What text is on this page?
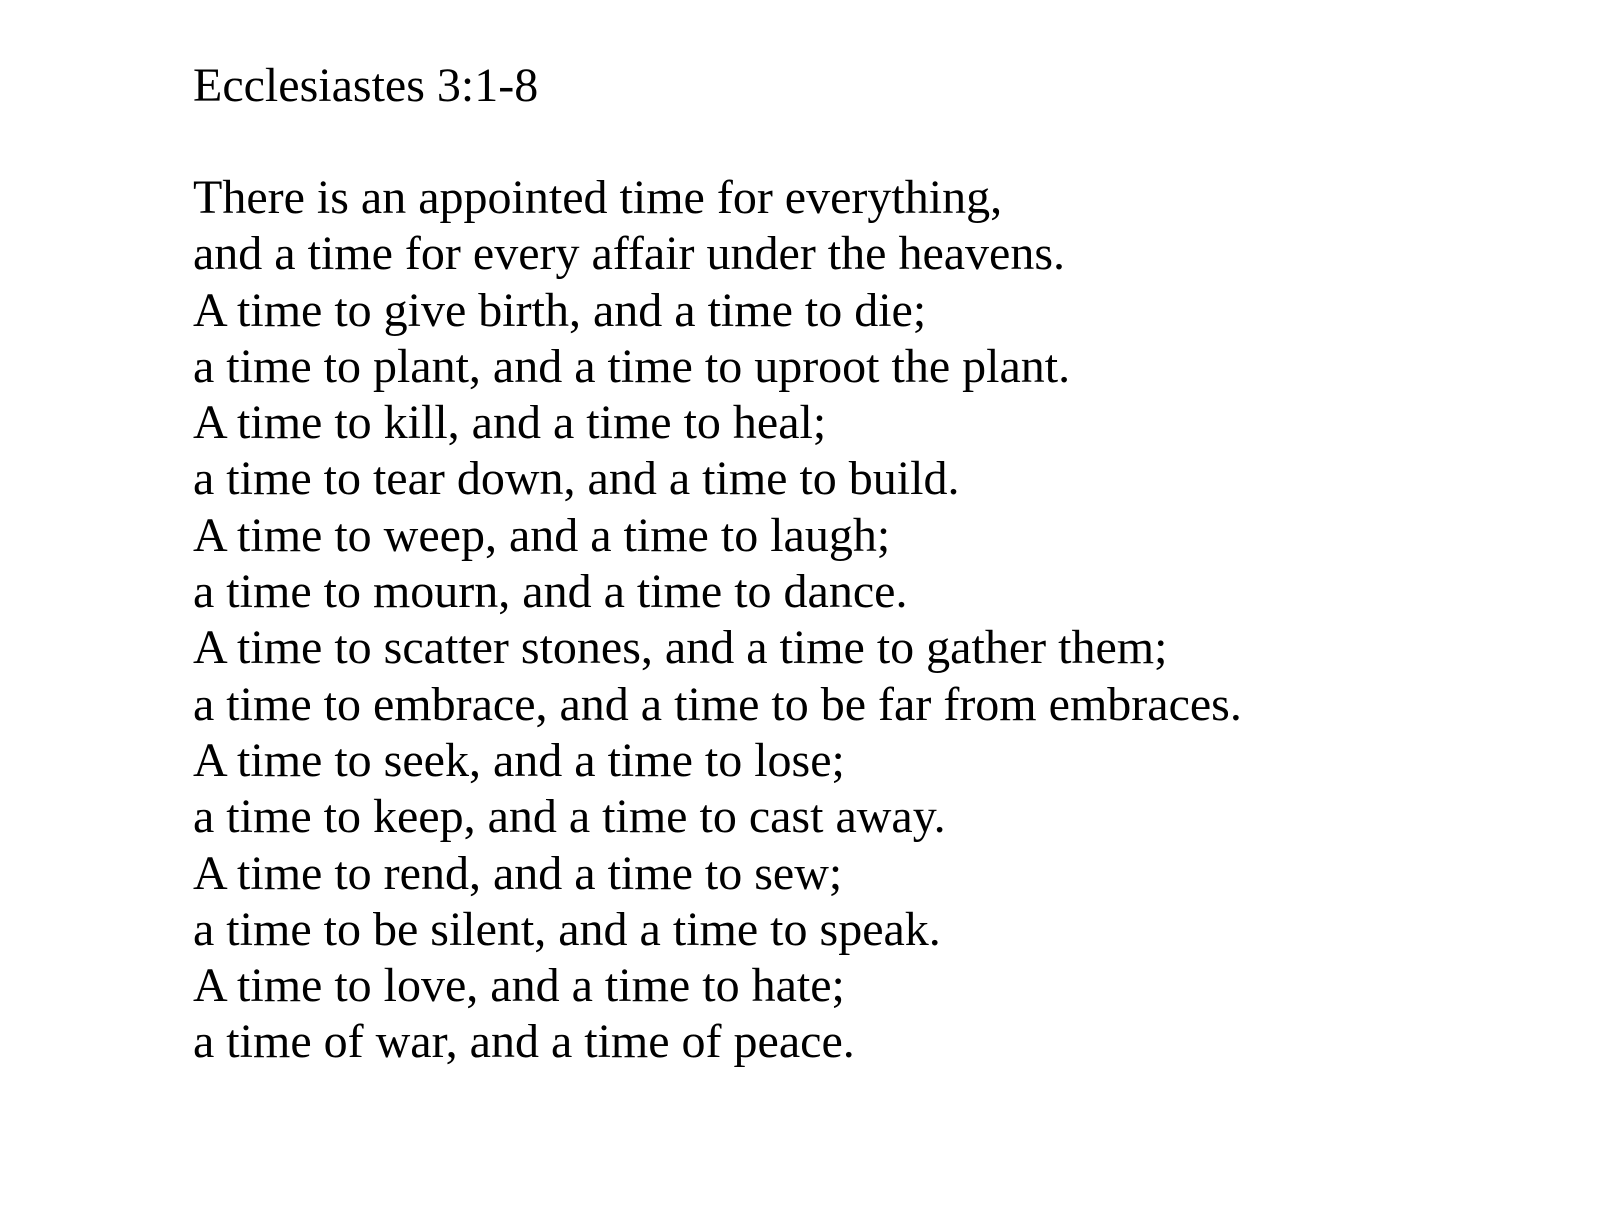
Ecclesiastes 3:1-8
There is an appointed time for everything,
and a time for every affair under the heavens.
A time to give birth, and a time to die;
a time to plant, and a time to uproot the plant.
A time to kill, and a time to heal;
a time to tear down, and a time to build.
A time to weep, and a time to laugh;
a time to mourn, and a time to dance.
A time to scatter stones, and a time to gather them;
a time to embrace, and a time to be far from embraces.
A time to seek, and a time to lose;
a time to keep, and a time to cast away.
A time to rend, and a time to sew;
a time to be silent, and a time to speak.
A time to love, and a time to hate;
a time of war, and a time of peace.
